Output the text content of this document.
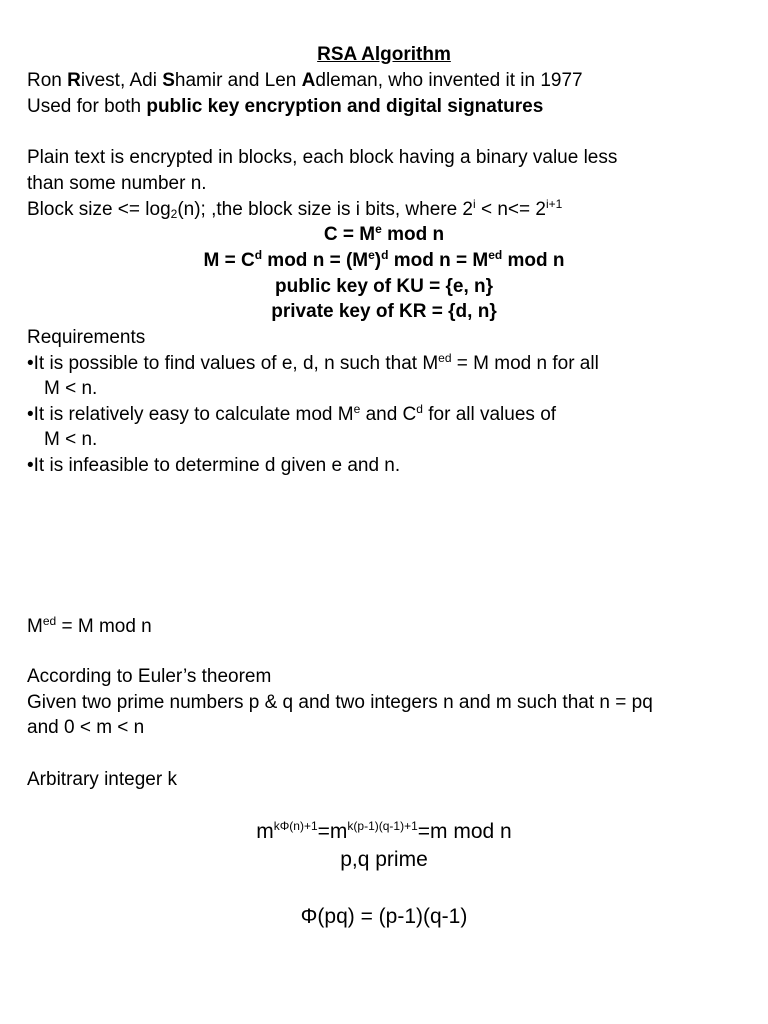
RSA Algorithm
Ron Rivest, Adi Shamir and Len Adleman, who invented it in 1977
Used for both public key encryption and digital signatures
Plain text is encrypted in blocks, each block having a binary value less
than some number n.
Block size <= $\log_2(n)$; ,the block size is i bits, where $2^i < n<= 2^{i+1}$
$C = M^e$ mod n
$M = C^d$ mod $n = (M^e)^d$ mod $n = M^{ed}$ mod n
public key of KU = {e, n}
private key of KR = {d, n}
Requirements
•It is possible to find values of e, d, n such that $M^{ed} = M$ mod n for all
M < n.
•It is relatively easy to calculate mod Me and $C^d$ for all values of
M < n.
•It is infeasible to determine d given e and n.
$M^{ed} = M$ mod n
According to Euler’s theorem
Given two prime numbers p & q and two integers n and m such that n = pq
and 0 < m < n
Arbitrary integer k
$m^{k\Phi(n)+1}=m^{k(p-1)(q-1)+1}=m$ mod n
p,q prime
Φ(pq) = (p-1)(q-1)
